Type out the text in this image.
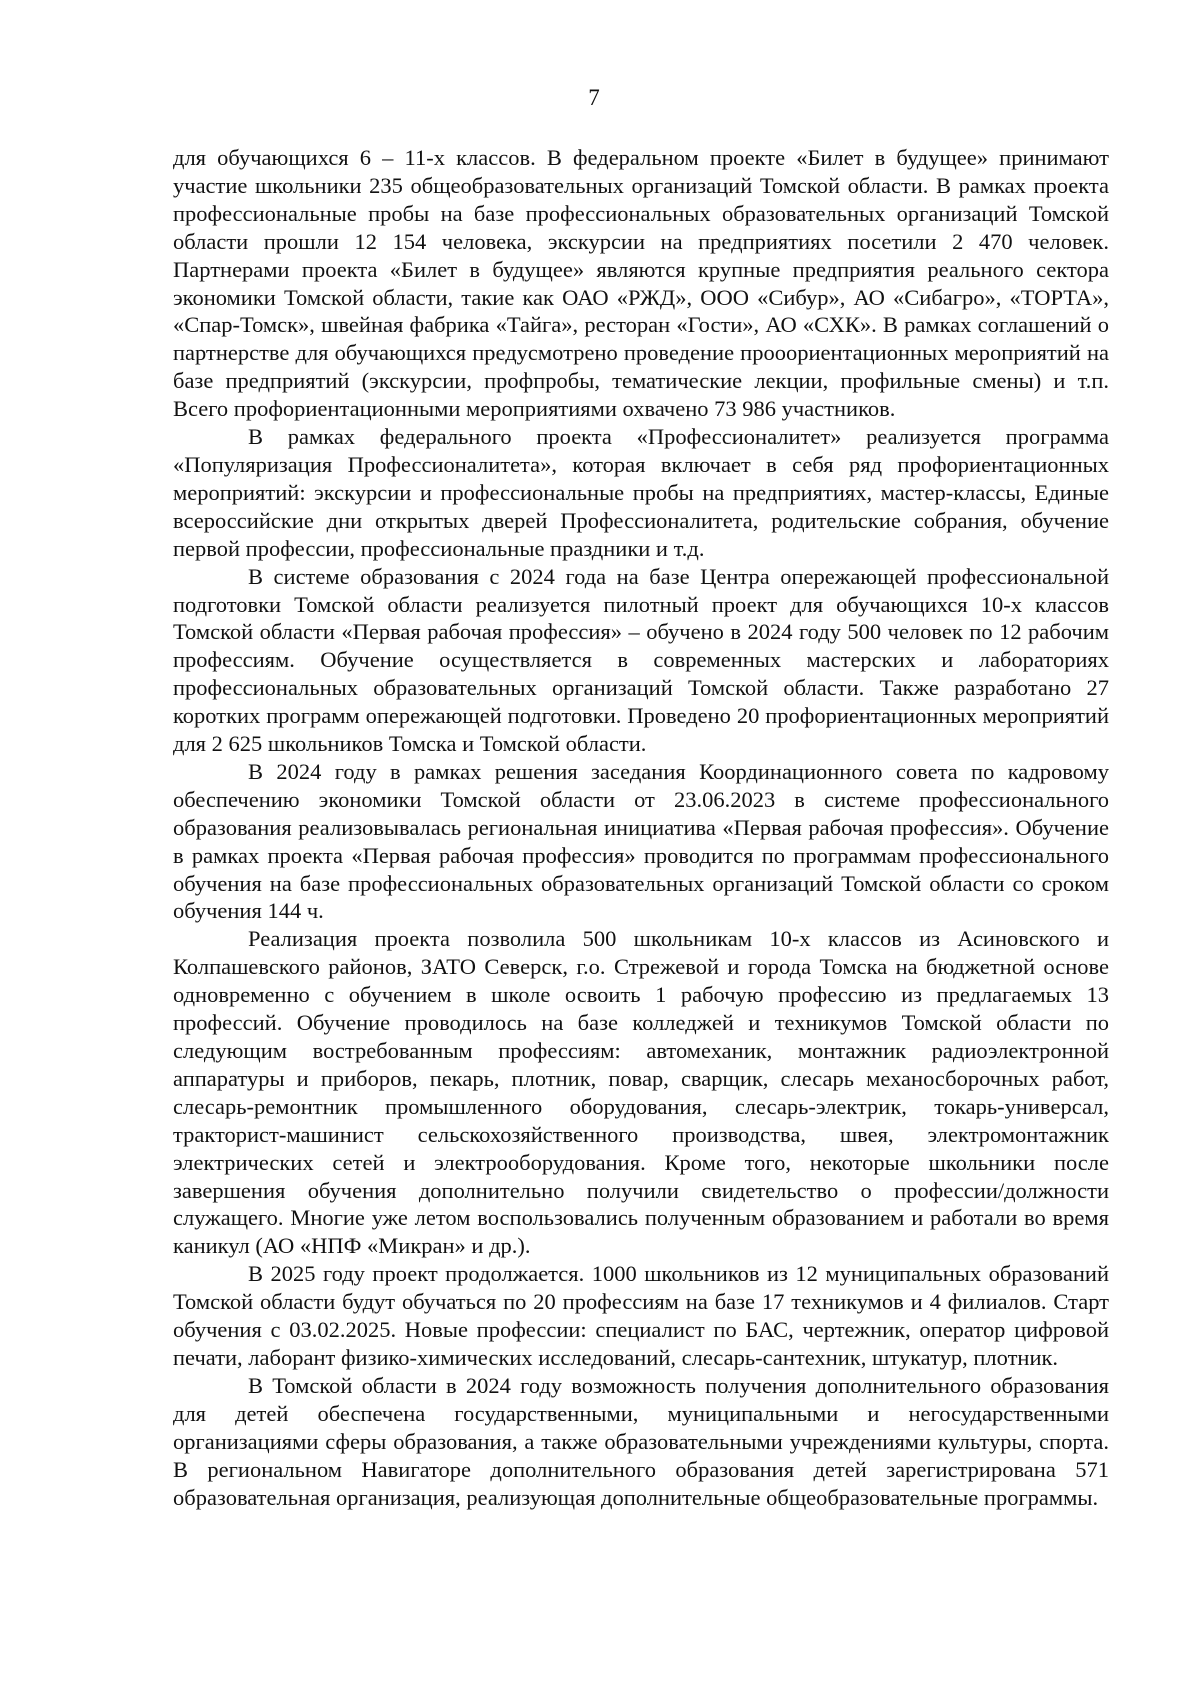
7

для обучающихся 6 – 11-х классов. В федеральном проекте «Билет в будущее» принимают участие школьники 235 общеобразовательных организаций Томской области. В рамках проекта профессиональные пробы на базе профессиональных образовательных организаций Томской области прошли 12 154 человека, экскурсии на предприятиях посетили 2 470 человек. Партнерами проекта «Билет в будущее» являются крупные предприятия реального сектора экономики Томской области, такие как ОАО «РЖД», ООО «Сибур», АО «Сибагро», «ТОРТА», «Спар-Томск», швейная фабрика «Тайга», ресторан «Гости», АО «СХК». В рамках соглашений о партнерстве для обучающихся предусмотрено проведение прооориентационных мероприятий на базе предприятий (экскурсии, профпробы, тематические лекции, профильные смены) и т.п. Всего профориентационными мероприятиями охвачено 73 986 участников.

В рамках федерального проекта «Профессионалитет» реализуется программа «Популяризация Профессионалитета», которая включает в себя ряд профориентационных мероприятий: экскурсии и профессиональные пробы на предприятиях, мастер-классы, Единые всероссийские дни открытых дверей Профессионалитета, родительские собрания, обучение первой профессии, профессиональные праздники и т.д.

В системе образования с 2024 года на базе Центра опережающей профессиональной подготовки Томской области реализуется пилотный проект для обучающихся 10-х классов Томской области «Первая рабочая профессия» – обучено в 2024 году 500 человек по 12 рабочим профессиям. Обучение осуществляется в современных мастерских и лабораториях профессиональных образовательных организаций Томской области. Также разработано 27 коротких программ опережающей подготовки. Проведено 20 профориентационных мероприятий для 2 625 школьников Томска и Томской области.

В 2024 году в рамках решения заседания Координационного совета по кадровому обеспечению экономики Томской области от 23.06.2023 в системе профессионального образования реализовывалась региональная инициатива «Первая рабочая профессия». Обучение в рамках проекта «Первая рабочая профессия» проводится по программам профессионального обучения на базе профессиональных образовательных организаций Томской области со сроком обучения 144 ч.

Реализация проекта позволила 500 школьникам 10-х классов из Асиновского и Колпашевского районов, ЗАТО Северск, г.о. Стрежевой и города Томска на бюджетной основе одновременно с обучением в школе освоить 1 рабочую профессию из предлагаемых 13 профессий. Обучение проводилось на базе колледжей и техникумов Томской области по следующим востребованным профессиям: автомеханик, монтажник радиоэлектронной аппаратуры и приборов, пекарь, плотник, повар, сварщик, слесарь механосборочных работ, слесарь-ремонтник промышленного оборудования, слесарь-электрик, токарь-универсал, тракторист-машинист сельскохозяйственного производства, швея, электромонтажник электрических сетей и электрооборудования. Кроме того, некоторые школьники после завершения обучения дополнительно получили свидетельство о профессии/должности служащего. Многие уже летом воспользовались полученным образованием и работали во время каникул (АО «НПФ «Микран» и др.).

В 2025 году проект продолжается. 1000 школьников из 12 муниципальных образований Томской области будут обучаться по 20 профессиям на базе 17 техникумов и 4 филиалов. Старт обучения с 03.02.2025. Новые профессии: специалист по БАС, чертежник, оператор цифровой печати, лаборант физико-химических исследований, слесарь-сантехник, штукатур, плотник.

В Томской области в 2024 году возможность получения дополнительного образования для детей обеспечена государственными, муниципальными и негосударственными организациями сферы образования, а также образовательными учреждениями культуры, спорта. В региональном Навигаторе дополнительного образования детей зарегистрирована 571 образовательная организация, реализующая дополнительные общеобразовательные программы.
